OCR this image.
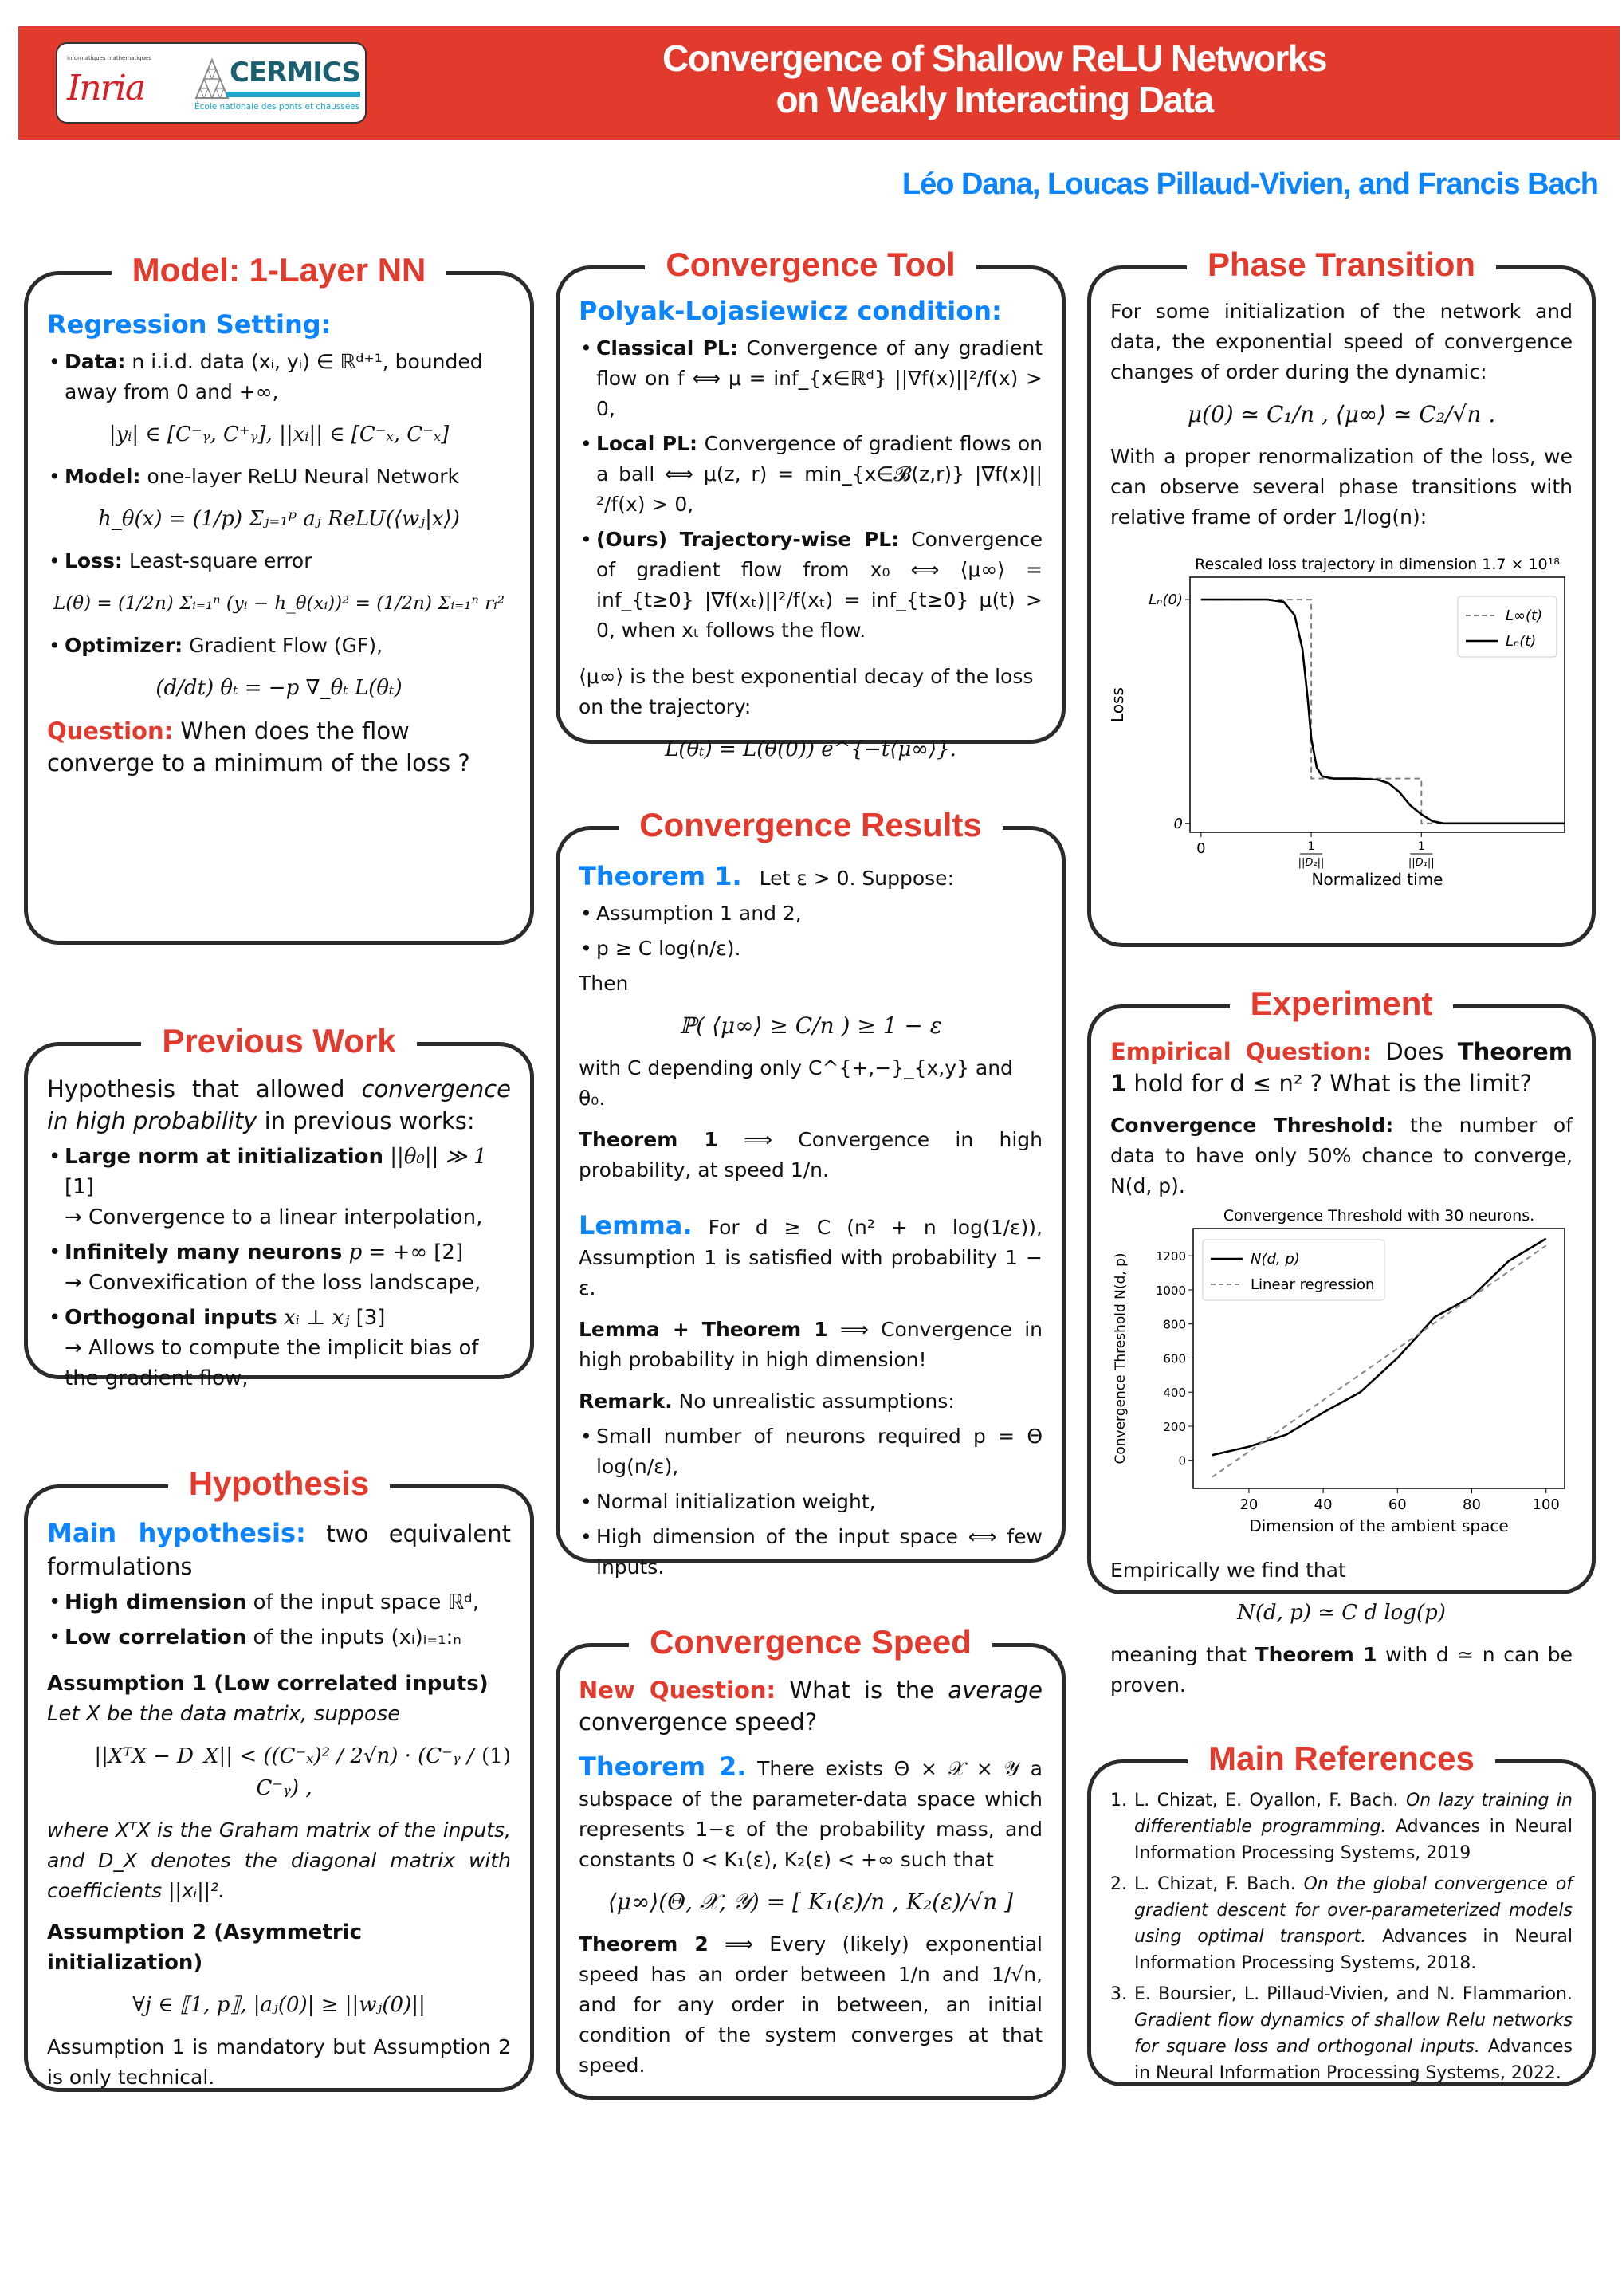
informatiques mathématiques
Inria	CERMICS
École nationale des ponts et chaussées
Convergence of Shallow ReLU Networks
on Weakly Interacting Data
Léo Dana, Loucas Pillaud-Vivien, and Francis Bach
Model: 1-Layer NN
Regression Setting:
• Data: n i.i.d. data (xᵢ, yᵢ) ∈ ℝᵈ⁺¹, bounded away from 0 and +∞,
|yᵢ| ∈ [C⁻ᵧ, C⁺ᵧ], ||xᵢ|| ∈ [C⁻ₓ, C⁻ₓ]
• Model: one-layer ReLU Neural Network
h_θ(x) = (1/p) Σⱼ₌₁ᵖ aⱼ ReLU(⟨wⱼ|x⟩)
• Loss: Least-square error
L(θ) = (1/2n) Σᵢ₌₁ⁿ (yᵢ − h_θ(xᵢ))² = (1/2n) Σᵢ₌₁ⁿ rᵢ²
• Optimizer: Gradient Flow (GF),
(d/dt) θₜ = −p ∇_θₜ L(θₜ)
Question: When does the flow converge to a minimum of the loss ?
Previous Work
Hypothesis that allowed convergence in high probability in previous works:
• Large norm at initialization ||θ₀|| ≫ 1 [1]
→ Convergence to a linear interpolation,
• Infinitely many neurons p = +∞ [2]
→ Convexification of the loss landscape,
• Orthogonal inputs xᵢ ⊥ xⱼ [3]
→ Allows to compute the implicit bias of the gradient flow,
Hypothesis
Main hypothesis: two equivalent formulations
• High dimension of the input space ℝᵈ,
• Low correlation of the inputs (xᵢ)ᵢ₌₁:ₙ
Assumption 1 (Low correlated inputs) Let X be the data matrix, suppose
||XᵀX − D_X|| < ((C⁻ₓ)² / 2√n) · (C⁻ᵧ / C⁻ᵧ) ,
(1)
where XᵀX is the Graham matrix of the inputs, and D_X denotes the diagonal matrix with coefficients ||xᵢ||².
Assumption 2 (Asymmetric initialization)
∀j ∈ ⟦1, p⟧, |aⱼ(0)| ≥ ||wⱼ(0)||
Assumption 1 is mandatory but Assumption 2 is only technical.
Convergence Tool
Polyak-Lojasiewicz condition:
• Classical PL: Convergence of any gradient flow on f ⟺ μ = inf_{x∈ℝᵈ} ||∇f(x)||²/f(x) > 0,
• Local PL: Convergence of gradient flows on a ball ⟺ μ(z, r) = min_{x∈𝓑(z,r)} |∇f(x)||²/f(x) > 0,
• (Ours) Trajectory-wise PL: Convergence of gradient flow from x₀ ⟺ ⟨μ∞⟩ = inf_{t≥0} |∇f(xₜ)||²/f(xₜ) = inf_{t≥0} μ(t) > 0, when xₜ follows the flow.
⟨μ∞⟩ is the best exponential decay of the loss on the trajectory:
L(θₜ) = L(θ(0)) e^{−t⟨μ∞⟩}.
Convergence Results
Theorem 1. Let ε > 0. Suppose:
• Assumption 1 and 2,
• p ≥ C log(n/ε).
Then
ℙ( ⟨μ∞⟩ ≥ C/n ) ≥ 1 − ε
with C depending only C^{+,−}_{x,y} and θ₀.
Theorem 1 ⟹ Convergence in high probability, at speed 1/n.
Lemma. For d ≥ C (n² + n log(1/ε)), Assumption 1 is satisfied with probability 1 − ε.
Lemma + Theorem 1 ⟹ Convergence in high probability in high dimension!
Remark. No unrealistic assumptions:
• Small number of neurons required p = Θ log(n/ε),
• Normal initialization weight,
• High dimension of the input space ⟺ few inputs.
Convergence Speed
New Question: What is the average convergence speed?
Theorem 2. There exists Θ × 𝒳 × 𝒴 a subspace of the parameter-data space which represents 1−ε of the probability mass, and constants 0 < K₁(ε), K₂(ε) < +∞ such that
⟨μ∞⟩(Θ, 𝒳, 𝒴) = [ K₁(ε)/n , K₂(ε)/√n ]
Theorem 2 ⟹ Every (likely) exponential speed has an order between 1/n and 1/√n, and for any order in between, an initial condition of the system converges at that speed.
Phase Transition
For some initialization of the network and data, the exponential speed of convergence changes of order during the dynamic:
μ(0) ≃ C₁/n , ⟨μ∞⟩ ≃ C₂/√n .
With a proper renormalization of the loss, we can observe several phase transitions with relative frame of order 1/log(n):
Rescaled loss trajectory in dimension 1.7 × 10¹⁸
0	1
||D₂||
1
||D₁||
0
Lₙ(0)
Normalized time
Loss
L∞(t)
Lₙ(t)
Experiment
Empirical Question: Does Theorem 1 hold for d ≤ n² ? What is the limit?
Convergence Threshold: the number of data to have only 50% chance to converge, N(d, p).
Convergence Threshold with 30 neurons.
20	40	60	80	100
0
200
400
600
800
1000
1200
Dimension of the ambient space
Convergence Threshold N(d, p)	N(d, p)
Linear regression
Empirically we find that
N(d, p) ≃ C d log(p)
meaning that Theorem 1 with d ≃ n can be proven.
Main References
1. L. Chizat, E. Oyallon, F. Bach. On lazy training in differentiable programming. Advances in Neural Information Processing Systems, 2019
2. L. Chizat, F. Bach. On the global convergence of gradient descent for over-parameterized models using optimal transport. Advances in Neural Information Processing Systems, 2018.
3. E. Boursier, L. Pillaud-Vivien, and N. Flammarion. Gradient flow dynamics of shallow Relu networks for square loss and orthogonal inputs. Advances in Neural Information Processing Systems, 2022.
